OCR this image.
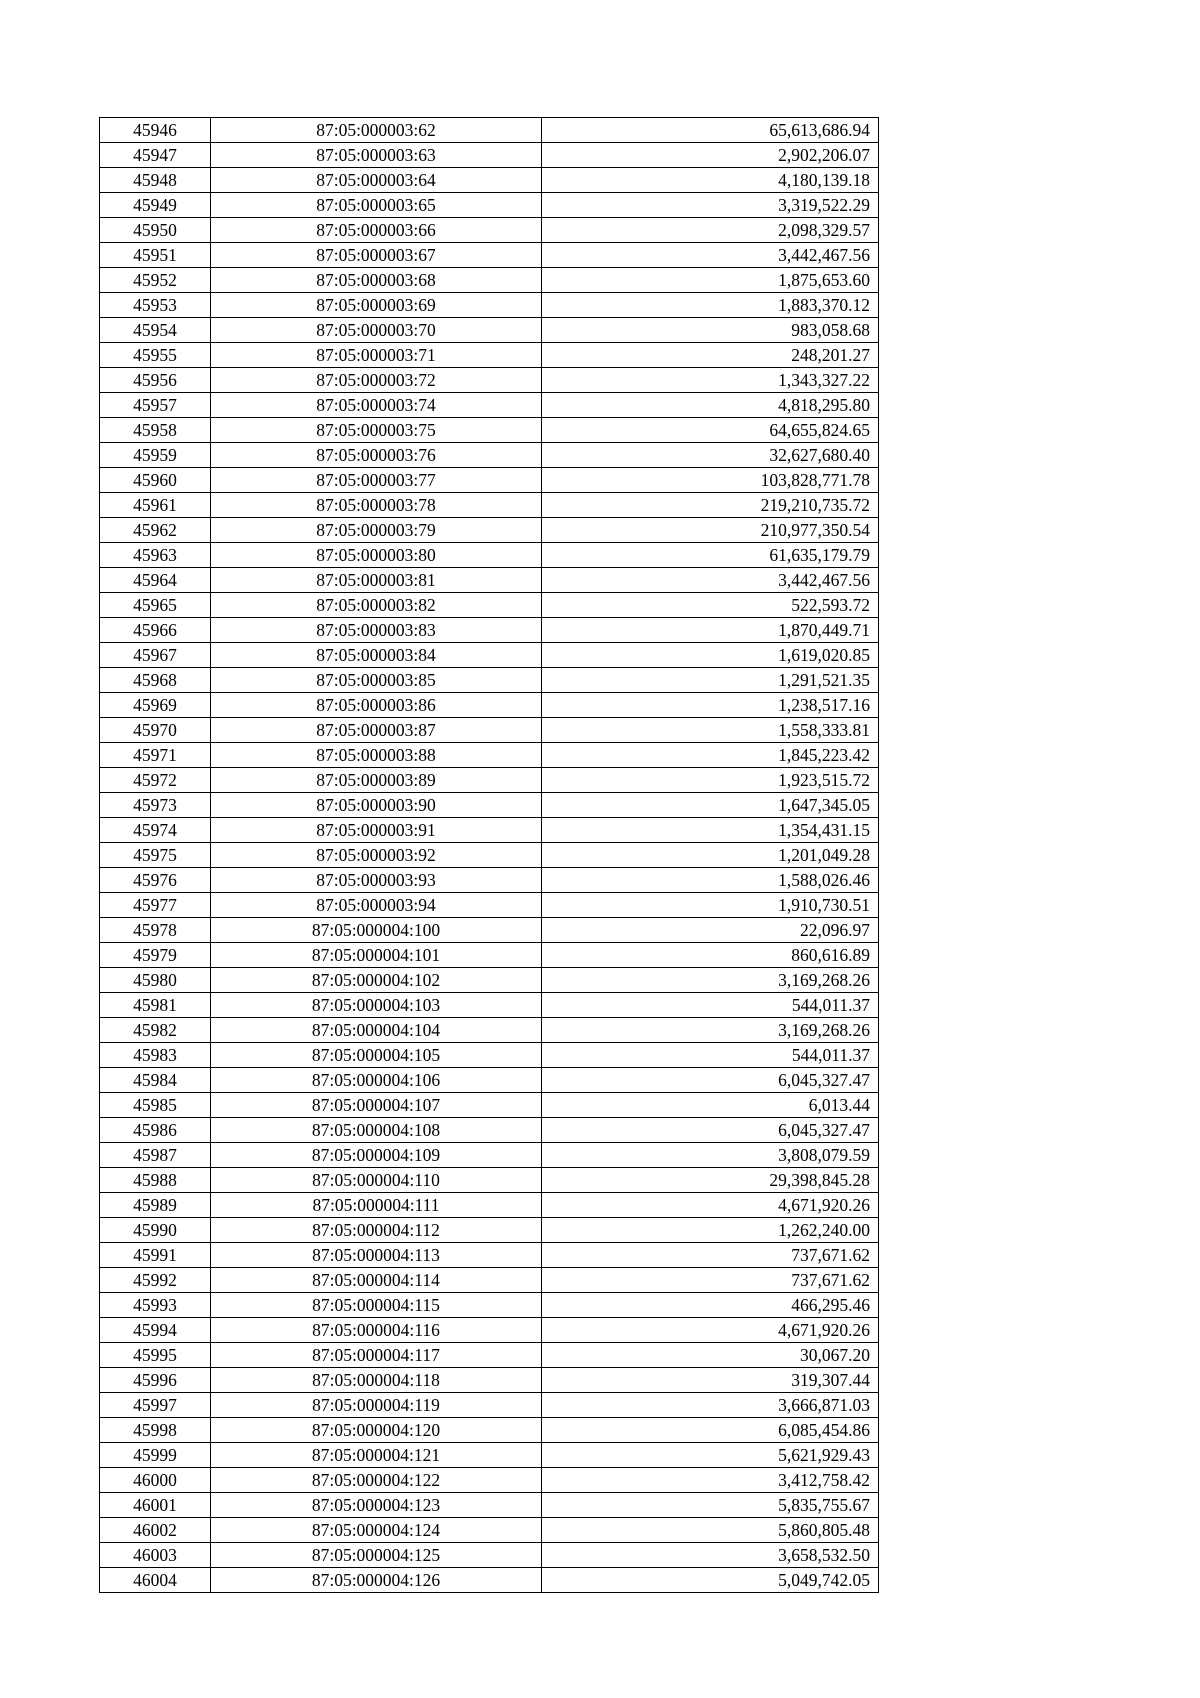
45946	87:05:000003:62	65,613,686.94
45947	87:05:000003:63	2,902,206.07
45948	87:05:000003:64	4,180,139.18
45949	87:05:000003:65	3,319,522.29
45950	87:05:000003:66	2,098,329.57
45951	87:05:000003:67	3,442,467.56
45952	87:05:000003:68	1,875,653.60
45953	87:05:000003:69	1,883,370.12
45954	87:05:000003:70	983,058.68
45955	87:05:000003:71	248,201.27
45956	87:05:000003:72	1,343,327.22
45957	87:05:000003:74	4,818,295.80
45958	87:05:000003:75	64,655,824.65
45959	87:05:000003:76	32,627,680.40
45960	87:05:000003:77	103,828,771.78
45961	87:05:000003:78	219,210,735.72
45962	87:05:000003:79	210,977,350.54
45963	87:05:000003:80	61,635,179.79
45964	87:05:000003:81	3,442,467.56
45965	87:05:000003:82	522,593.72
45966	87:05:000003:83	1,870,449.71
45967	87:05:000003:84	1,619,020.85
45968	87:05:000003:85	1,291,521.35
45969	87:05:000003:86	1,238,517.16
45970	87:05:000003:87	1,558,333.81
45971	87:05:000003:88	1,845,223.42
45972	87:05:000003:89	1,923,515.72
45973	87:05:000003:90	1,647,345.05
45974	87:05:000003:91	1,354,431.15
45975	87:05:000003:92	1,201,049.28
45976	87:05:000003:93	1,588,026.46
45977	87:05:000003:94	1,910,730.51
45978	87:05:000004:100	22,096.97
45979	87:05:000004:101	860,616.89
45980	87:05:000004:102	3,169,268.26
45981	87:05:000004:103	544,011.37
45982	87:05:000004:104	3,169,268.26
45983	87:05:000004:105	544,011.37
45984	87:05:000004:106	6,045,327.47
45985	87:05:000004:107	6,013.44
45986	87:05:000004:108	6,045,327.47
45987	87:05:000004:109	3,808,079.59
45988	87:05:000004:110	29,398,845.28
45989	87:05:000004:111	4,671,920.26
45990	87:05:000004:112	1,262,240.00
45991	87:05:000004:113	737,671.62
45992	87:05:000004:114	737,671.62
45993	87:05:000004:115	466,295.46
45994	87:05:000004:116	4,671,920.26
45995	87:05:000004:117	30,067.20
45996	87:05:000004:118	319,307.44
45997	87:05:000004:119	3,666,871.03
45998	87:05:000004:120	6,085,454.86
45999	87:05:000004:121	5,621,929.43
46000	87:05:000004:122	3,412,758.42
46001	87:05:000004:123	5,835,755.67
46002	87:05:000004:124	5,860,805.48
46003	87:05:000004:125	3,658,532.50
46004	87:05:000004:126	5,049,742.05
